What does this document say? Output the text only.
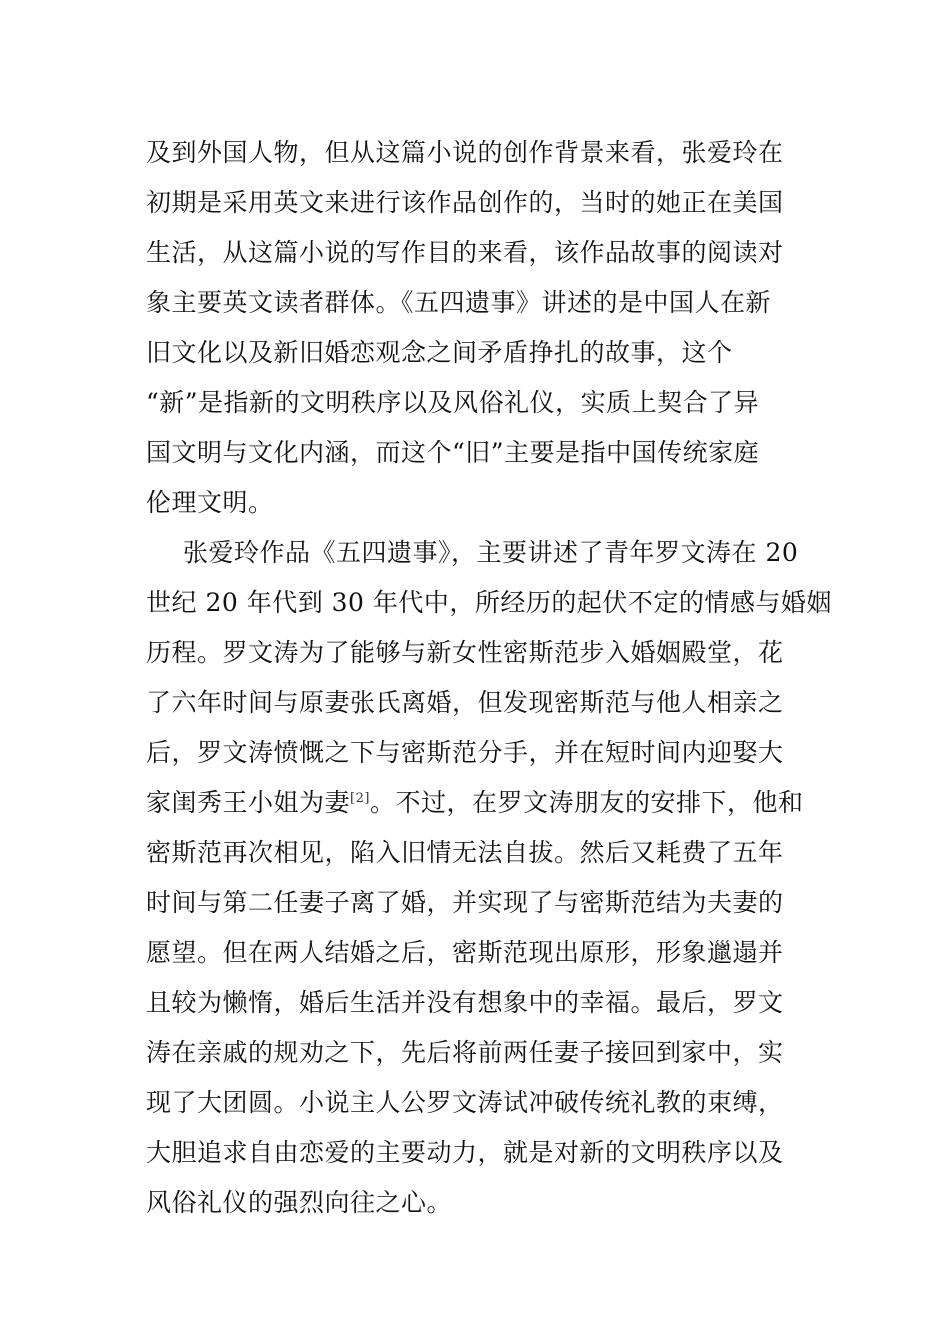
及到外国人物，但从这篇小说的创作背景来看，张爱玲在
初期是采用英文来进行该作品创作的，当时的她正在美国
生活，从这篇小说的写作目的来看，该作品故事的阅读对
象主要英文读者群体。《五四遗事》讲述的是中国人在新
旧文化以及新旧婚恋观念之间矛盾挣扎的故事，这个
“新”是指新的文明秩序以及风俗礼仪，实质上契合了异
国文明与文化内涵，而这个“旧”主要是指中国传统家庭
伦理文明。
张爱玲作品《五四遗事》，主要讲述了青年罗文涛在 20
世纪 20 年代到 30 年代中，所经历的起伏不定的情感与婚姻
历程。罗文涛为了能够与新女性密斯范步入婚姻殿堂，花
了六年时间与原妻张氏离婚，但发现密斯范与他人相亲之
后，罗文涛愤慨之下与密斯范分手，并在短时间内迎娶大
家闺秀王小姐为妻[2]。不过，在罗文涛朋友的安排下，他和
密斯范再次相见，陷入旧情无法自拔。然后又耗费了五年
时间与第二任妻子离了婚，并实现了与密斯范结为夫妻的
愿望。但在两人结婚之后，密斯范现出原形，形象邋遢并
且较为懒惰，婚后生活并没有想象中的幸福。最后，罗文
涛在亲戚的规劝之下，先后将前两任妻子接回到家中，实
现了大团圆。小说主人公罗文涛试冲破传统礼教的束缚，
大胆追求自由恋爱的主要动力，就是对新的文明秩序以及
风俗礼仪的强烈向往之心。
